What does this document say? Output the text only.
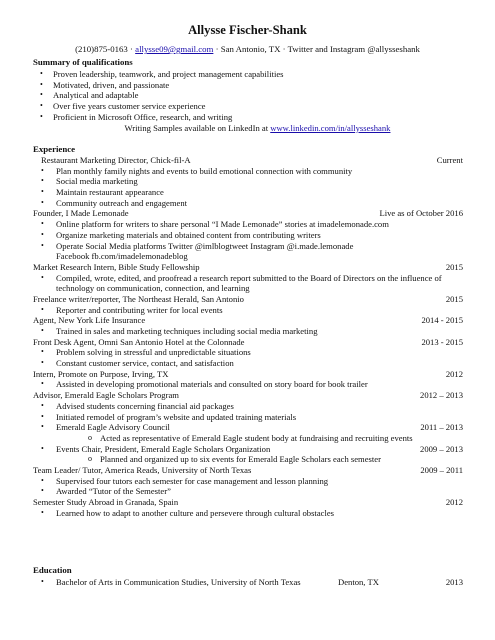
Allysse Fischer-Shank
(210)875-0163 · allysse09@gmail.com · San Antonio, TX · Twitter and Instagram @allysseshank
Summary of qualifications
• Proven leadership, teamwork, and project management capabilities
• Motivated, driven, and passionate
• Analytical and adaptable
• Over five years customer service experience
• Proficient in Microsoft Office, research, and writing
Writing Samples available on LinkedIn at www.linkedin.com/in/allysseshank
Experience
Restaurant Marketing Director, Chick-fil-A	Current
• Plan monthly family nights and events to build emotional connection with community
• Social media marketing
• Maintain restaurant appearance
• Community outreach and engagement
Founder, I Made Lemonade	Live as of October 2016
• Online platform for writers to share personal “I Made Lemonade” stories at imadelemonade.com
• Organize marketing materials and obtained content from contributing writers
• Operate Social Media platforms Twitter @imlblogtweet Instagram @i.made.lemonade
Facebook fb.com/imadelemonadeblog
Market Research Intern, Bible Study Fellowship	2015
• Compiled, wrote, edited, and proofread a research report submitted to the Board of Directors on the influence of technology on communication, connection, and learning
Freelance writer/reporter, The Northeast Herald, San Antonio	2015
• Reporter and contributing writer for local events
Agent, New York Life Insurance	2014 - 2015
• Trained in sales and marketing techniques including social media marketing
Front Desk Agent, Omni San Antonio Hotel at the Colonnade	2013 - 2015
• Problem solving in stressful and unpredictable situations
• Constant customer service, contact, and satisfaction
Intern, Promote on Purpose, Irving, TX	2012
• Assisted in developing promotional materials and consulted on story board for book trailer
Advisor, Emerald Eagle Scholars Program	2012 – 2013
• Advised students concerning financial aid packages
• Initiated remodel of program’s website and updated training materials
• Emerald Eagle Advisory Council	2011 – 2013
o Acted as representative of Emerald Eagle student body at fundraising and recruiting events
• Events Chair, President, Emerald Eagle Scholars Organization	2009 – 2013
o Planned and organized up to six events for Emerald Eagle Scholars each semester
Team Leader/ Tutor, America Reads, University of North Texas	2009 – 2011
• Supervised four tutors each semester for case management and lesson planning
• Awarded “Tutor of the Semester”
Semester Study Abroad in Granada, Spain	2012
• Learned how to adapt to another culture and persevere through cultural obstacles
Education
• Bachelor of Arts in Communication Studies, University of North Texas	Denton, TX	2013
